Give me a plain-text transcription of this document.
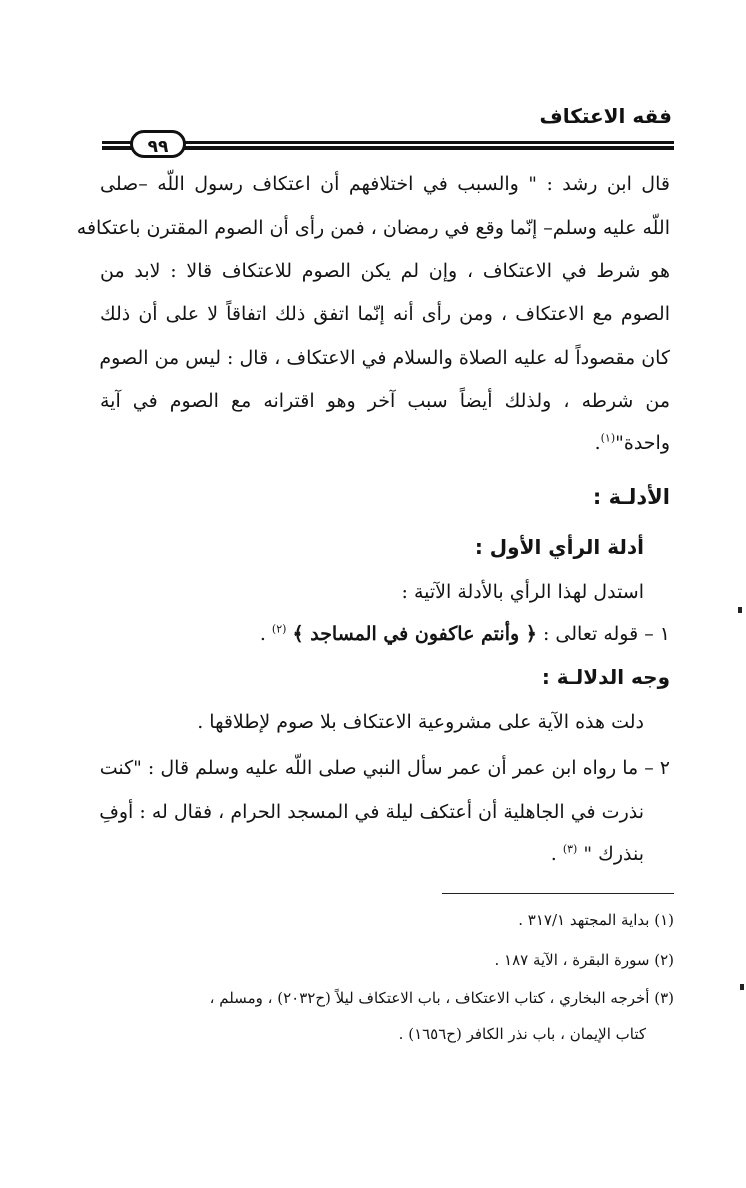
فقه الاعتكاف
٩٩
قال ابن رشد : " والسبب في اختلافهم أن اعتكاف رسول اللّه –صلى
اللّه عليه وسلم– إنّما وقع في رمضان ، فمن رأى أن الصوم المقترن باعتكافه
هو شرط في الاعتكاف ، وإن لم يكن الصوم للاعتكاف قالا : لابد من
الصوم مع الاعتكاف ، ومن رأى أنه إنّما اتفق ذلك اتفاقاً لا على أن ذلك
كان مقصوداً له عليه الصلاة والسلام في الاعتكاف ، قال : ليس من الصوم
من شرطه ، ولذلك أيضاً سبب آخر وهو اقترانه مع الصوم في آية
واحدة"$^{(١)}$.
الأدلـة :
أدلة الرأي الأول :
استدل لهذا الرأي بالأدلة الآتية :
١ – قوله تعالى : ﴿ وأنتم عاكفون في المساجد ﴾ $^{(٢)}$ .
وجه الدلالـة :
دلت هذه الآية على مشروعية الاعتكاف بلا صوم لإطلاقها .
٢ – ما رواه ابن عمر أن عمر سأل النبي صلى اللّه عليه وسلم قال : "كنت
نذرت في الجاهلية أن أعتكف ليلة في المسجد الحرام ، فقال له : أوفِ
بنذرك " $^{(٣)}$ .
(١) بداية المجتهد ٣١٧/١ .
(٢) سورة البقرة ، الآية ١٨٧ .
(٣) أخرجه البخاري ، كتاب الاعتكاف ، باب الاعتكاف ليلاً (ح٢٠٣٢) ، ومسلم ،
كتاب الإيمان ، باب نذر الكافر (ح١٦٥٦) .
